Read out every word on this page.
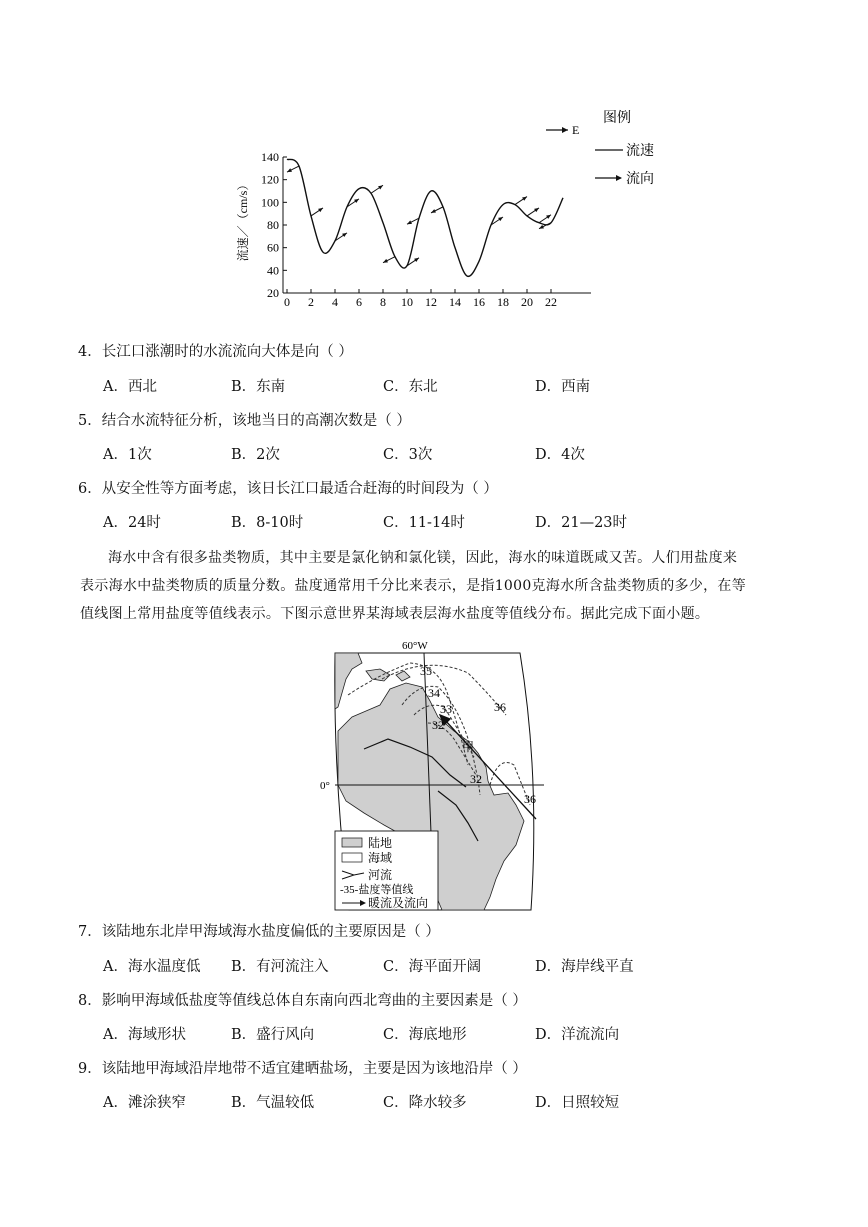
20
40
60
80
100
120
140
0 2 4 6 8 10 12 14 16 18 20 22
流速／（cm/s）
E
图例
流速
流向
4．长江口涨潮时的水流流向大体是向（ ）
A．西北	B．东南	C．东北	D．西南
5．结合水流特征分析，该地当日的高潮次数是（ ）
A．1次	B．2次	C．3次	D．4次
6．从安全性等方面考虑，该日长江口最适合赶海的时间段为（ ）
A．24时	B．8-10时	C．11-14时	D．21—23时
海水中含有很多盐类物质，其中主要是氯化钠和氯化镁，因此，海水的味道既咸又苦。人们用盐度来
表示海水中盐类物质的质量分数。盐度通常用千分比来表示，是指1000克海水所含盐类物质的多少，在等
值线图上常用盐度等值线表示。下图示意世界某海域表层海水盐度等值线分布。据此完成下面小题。
60°W
0°
35
34
33
32
36
32
36
甲
陆地
海域
河流
-35-盐度等值线
暖流及流向
7．该陆地东北岸甲海域海水盐度偏低的主要原因是（ ）
A．海水温度低 B．有河流注入	C．海平面开阔	D．海岸线平直
8．影响甲海域低盐度等值线总体自东南向西北弯曲的主要因素是（ ）
A．海域形状	B．盛行风向	C．海底地形	D．洋流流向
9．该陆地甲海域沿岸地带不适宜建晒盐场，主要是因为该地沿岸（ ）
A．滩涂狭窄	B．气温较低	C．降水较多	D．日照较短
